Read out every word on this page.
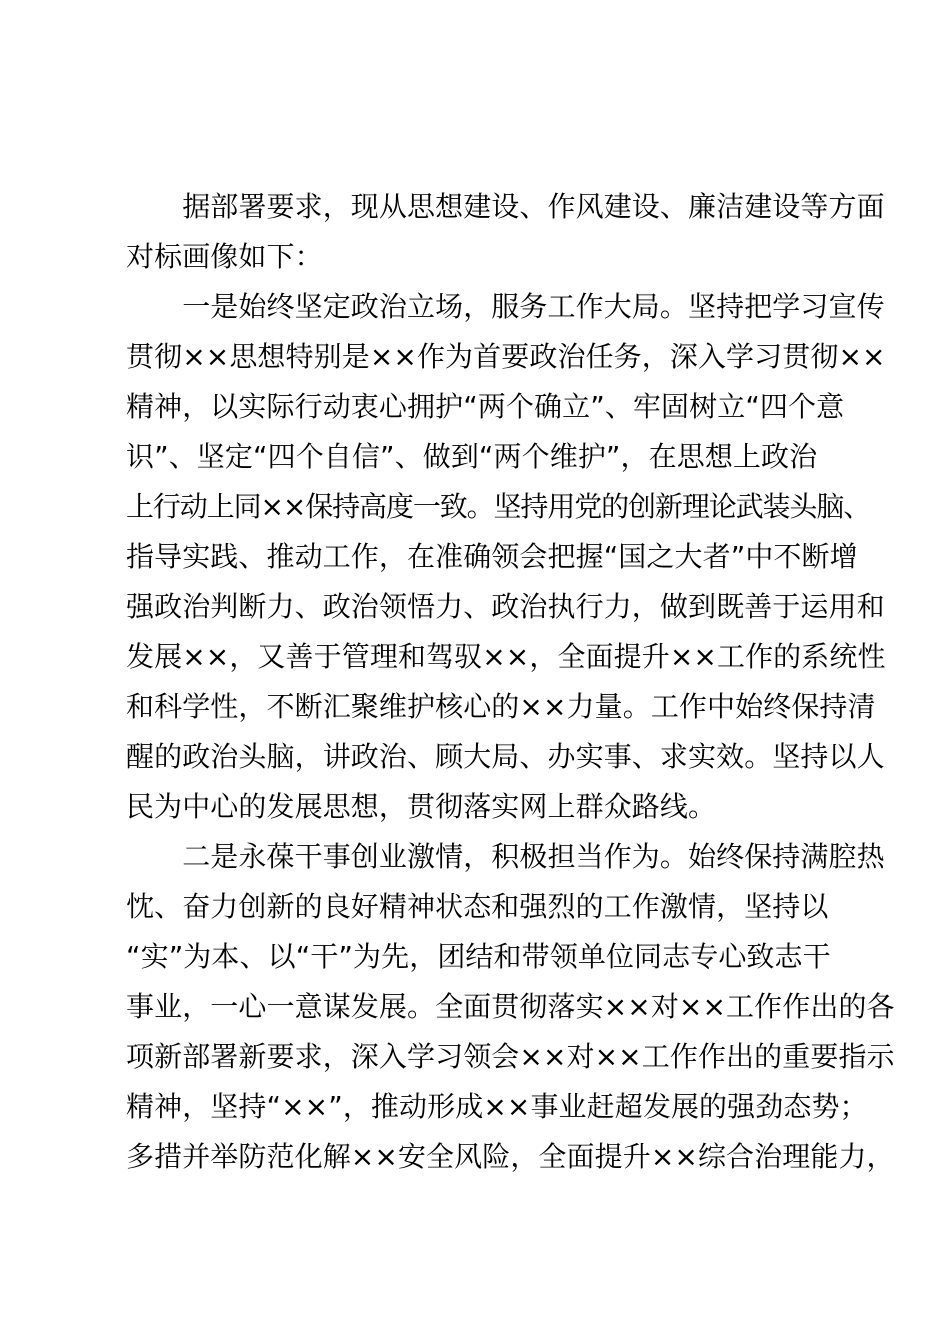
　　据部署要求，现从思想建设、作风建设、廉洁建设等方面
对标画像如下：
　　一是始终坚定政治立场，服务工作大局。坚持把学习宣传
贯彻××思想特别是××作为首要政治任务，深入学习贯彻××
精神，以实际行动衷心拥护“两个确立”、牢固树立“四个意
识”、坚定“四个自信”、做到“两个维护”，在思想上政治
上行动上同××保持高度一致。坚持用党的创新理论武装头脑、
指导实践、推动工作，在准确领会把握“国之大者”中不断增
强政治判断力、政治领悟力、政治执行力，做到既善于运用和
发展××，又善于管理和驾驭××，全面提升××工作的系统性
和科学性，不断汇聚维护核心的××力量。工作中始终保持清
醒的政治头脑，讲政治、顾大局、办实事、求实效。坚持以人
民为中心的发展思想，贯彻落实网上群众路线。
　　二是永葆干事创业激情，积极担当作为。始终保持满腔热
忱、奋力创新的良好精神状态和强烈的工作激情，坚持以
“实”为本、以“干”为先，团结和带领单位同志专心致志干
事业，一心一意谋发展。全面贯彻落实××对××工作作出的各
项新部署新要求，深入学习领会××对××工作作出的重要指示
精神，坚持“××”，推动形成××事业赶超发展的强劲态势；
多措并举防范化解××安全风险，全面提升××综合治理能力，
